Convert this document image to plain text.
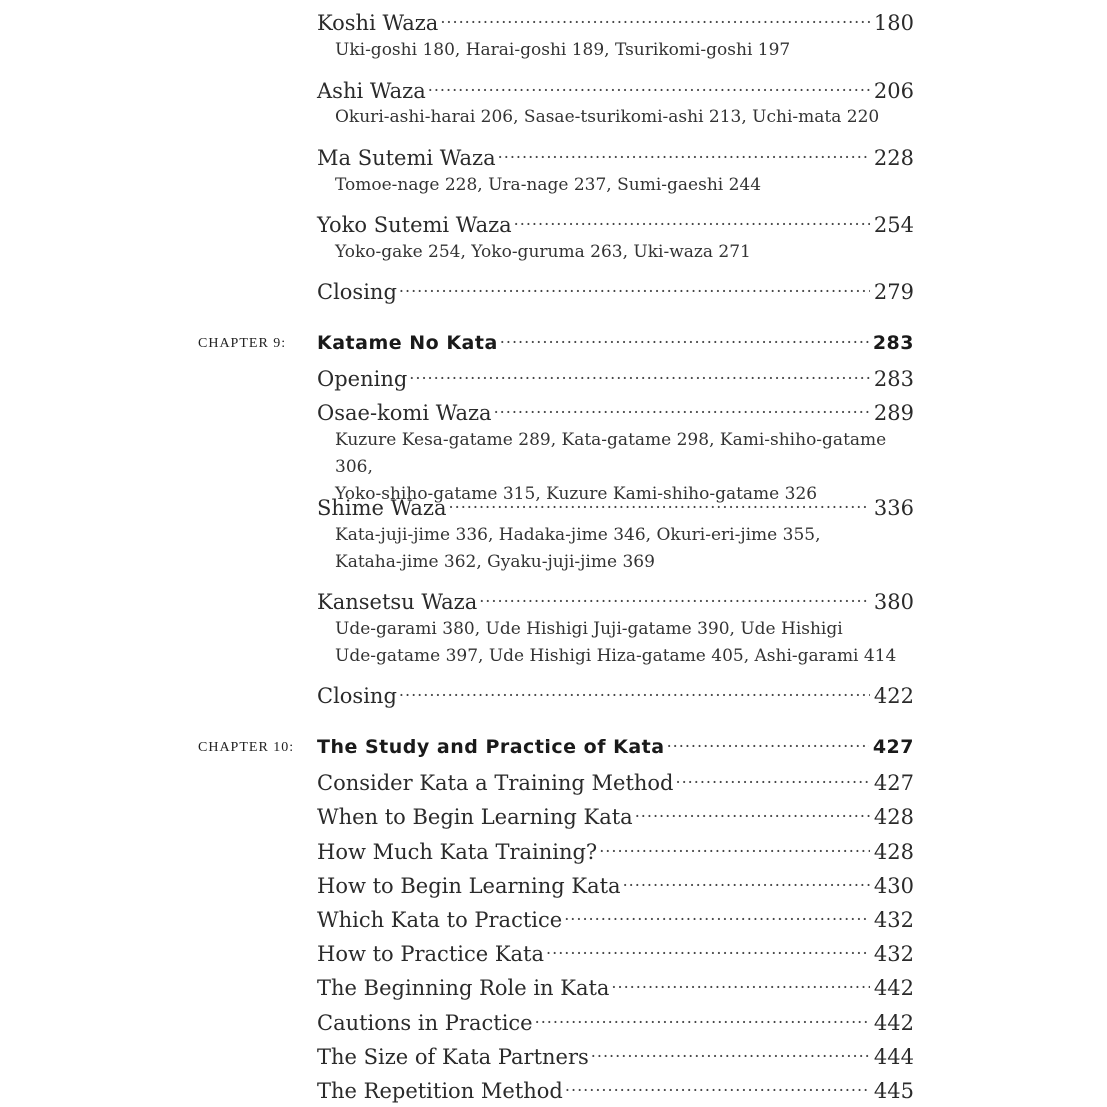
Koshi Waza .....	180
Uki-goshi 180, Harai-goshi 189, Tsurikomi-goshi 197
Ashi Waza .....	206
Okuri-ashi-harai 206, Sasae-tsurikomi-ashi 213, Uchi-mata 220
Ma Sutemi Waza .....	228
Tomoe-nage 228, Ura-nage 237, Sumi-gaeshi 244
Yoko Sutemi Waza .....	254
Yoko-gake 254, Yoko-guruma 263, Uki-waza 271
Closing .....	279
CHAPTER 9:	Katame No Kata .....	283
Opening .....	283
Osae-komi Waza .....	289
Kuzure Kesa-gatame 289, Kata-gatame 298, Kami-shiho-gatame 306,
Yoko-shiho-gatame 315, Kuzure Kami-shiho-gatame 326
Shime Waza .....	336
Kata-juji-jime 336, Hadaka-jime 346, Okuri-eri-jime 355,
Kataha-jime 362, Gyaku-juji-jime 369
Kansetsu Waza .....	380
Ude-garami 380, Ude Hishigi Juji-gatame 390, Ude Hishigi
Ude-gatame 397, Ude Hishigi Hiza-gatame 405, Ashi-garami 414
Closing .....	422
CHAPTER 10:	The Study and Practice of Kata .....	427
Consider Kata a Training Method .....	427
When to Begin Learning Kata .....	428
How Much Kata Training? .....	428
How to Begin Learning Kata .....	430
Which Kata to Practice .....	432
How to Practice Kata .....	432
The Beginning Role in Kata .....	442
Cautions in Practice .....	442
The Size of Kata Partners .....	444
The Repetition Method .....	445
